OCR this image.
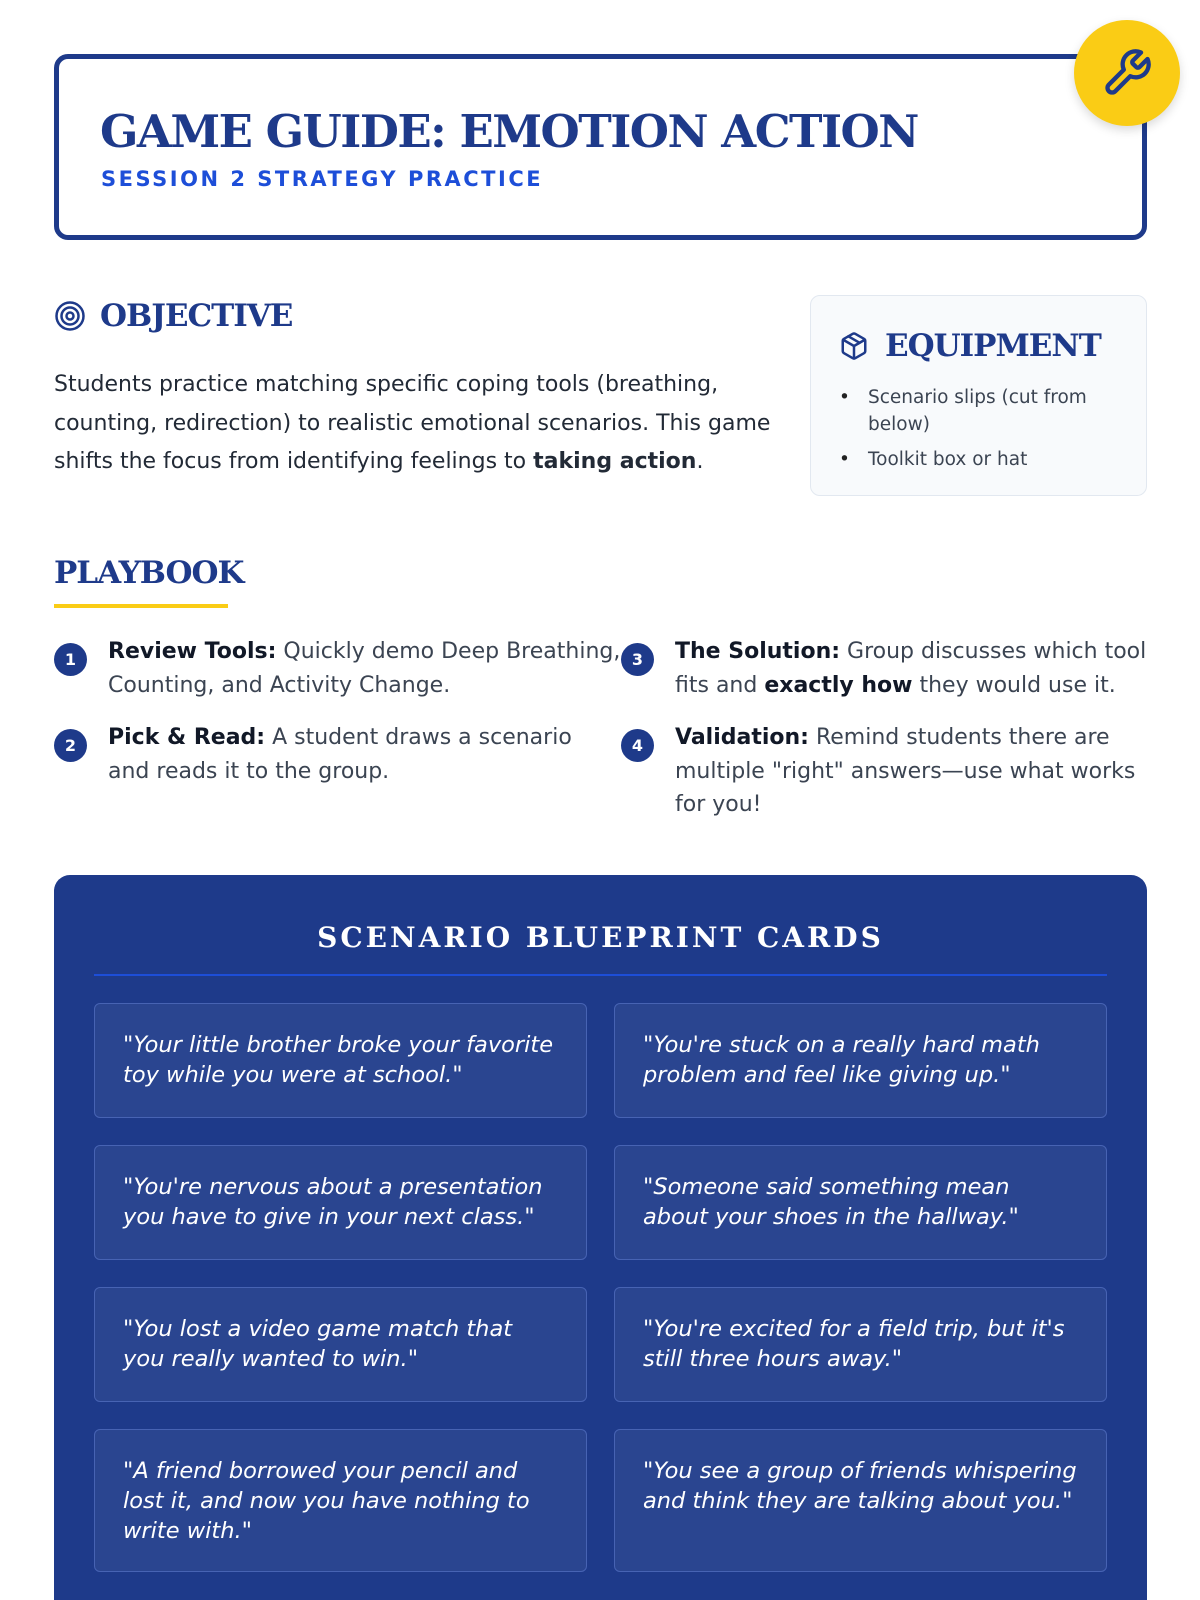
GAME GUIDE: EMOTION ACTION
SESSION 2 STRATEGY PRACTICE
OBJECTIVE

Students practice matching specific coping tools (breathing, counting, redirection) to realistic emotional scenarios. This game shifts the focus from identifying feelings to taking action.

EQUIPMENT
• Scenario slips (cut from below)
• Toolkit box or hat
PLAYBOOK
1	Review Tools: Quickly demo Deep Breathing, Counting, and Activity Change.
2	Pick & Read: A student draws a scenario and reads it to the group.
3	The Solution: Group discusses which tool fits and exactly how they would use it.
4	Validation: Remind students there are multiple "right" answers—use what works for you!
SCENARIO BLUEPRINT CARDS
"Your little brother broke your favorite toy while you were at school."
"You're stuck on a really hard math problem and feel like giving up."
"You're nervous about a presentation you have to give in your next class."
"Someone said something mean about your shoes in the hallway."
"You lost a video game match that you really wanted to win."
"You're excited for a field trip, but it's still three hours away."
"A friend borrowed your pencil and lost it, and now you have nothing to write with."
"You see a group of friends whispering and think they are talking about you."
